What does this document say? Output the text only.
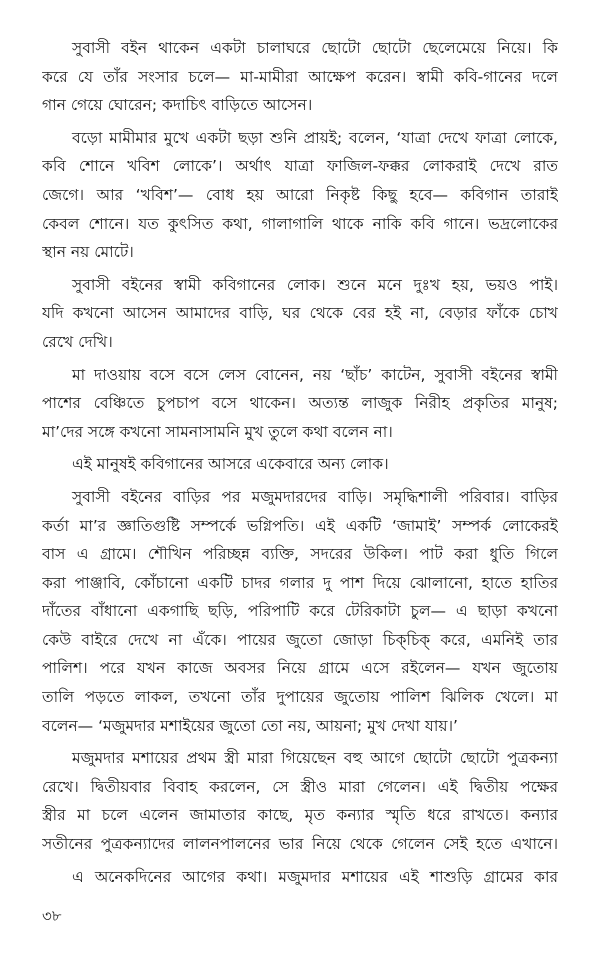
সুবাসী বইন থাকেন একটা চালাঘরে ছোটো ছোটো ছেলেমেয়ে নিয়ে। কি
করে যে তাঁর সংসার চলে— মা-মামীরা আক্ষেপ করেন। স্বামী কবি-গানের দলে
গান গেয়ে ঘোরেন; কদাচিৎ বাড়িতে আসেন।
বড়ো মামীমার মুখে একটা ছড়া শুনি প্রায়ই; বলেন, ‘যাত্রা দেখে ফাত্রা লোকে,
কবি শোনে খবিশ লোকে’। অর্থাৎ যাত্রা ফাজিল-ফক্কর লোকরাই দেখে রাত
জেগে। আর ‘খবিশ’— বোধ হয় আরো নিকৃষ্ট কিছু হবে— কবিগান তারাই
কেবল শোনে। যত কুৎসিত কথা, গালাগালি থাকে নাকি কবি গানে। ভদ্রলোকের
স্থান নয় মোটে।
সুবাসী বইনের স্বামী কবিগানের লোক। শুনে মনে দুঃখ হয়, ভয়ও পাই।
যদি কখনো আসেন আমাদের বাড়ি, ঘর থেকে বের হই না, বেড়ার ফাঁকে চোখ
রেখে দেখি।
মা দাওয়ায় বসে বসে লেস বোনেন, নয় ‘ছাঁচ’ কাটেন, সুবাসী বইনের স্বামী
পাশের বেঞ্চিতে চুপচাপ বসে থাকেন। অত্যন্ত লাজুক নিরীহ প্রকৃতির মানুষ;
মা’দের সঙ্গে কখনো সামনাসামনি মুখ তুলে কথা বলেন না।
এই মানুষই কবিগানের আসরে একেবারে অন্য লোক।
সুবাসী বইনের বাড়ির পর মজুমদারদের বাড়ি। সমৃদ্ধিশালী পরিবার। বাড়ির
কর্তা মা’র জ্ঞাতিগুষ্টি সম্পর্কে ভগ্নিপতি। এই একটি ‘জামাই’ সম্পর্ক লোকেরই
বাস এ গ্রামে। শৌখিন পরিচ্ছন্ন ব্যক্তি, সদরের উকিল। পাট করা ধুতি গিলে
করা পাঞ্জাবি, কোঁচানো একটি চাদর গলার দু পাশ দিয়ে ঝোলানো, হাতে হাতির
দাঁতের বাঁধানো একগাছি ছড়ি, পরিপাটি করে টেরিকাটা চুল— এ ছাড়া কখনো
কেউ বাইরে দেখে না এঁকে। পায়ের জুতো জোড়া চিক্‌চিক্ করে, এমনিই তার
পালিশ। পরে যখন কাজে অবসর নিয়ে গ্রামে এসে রইলেন— যখন জুতোয়
তালি পড়তে লাকল, তখনো তাঁর দুপায়ের জুতোয় পালিশ ঝিলিক খেলে। মা
বলেন— ‘মজুমদার মশাইয়ের জুতো তো নয়, আয়না; মুখ দেখা যায়।’
মজুমদার মশায়ের প্রথম স্ত্রী মারা গিয়েছেন বহু আগে ছোটো ছোটো পুত্রকন্যা
রেখে। দ্বিতীয়বার বিবাহ করলেন, সে স্ত্রীও মারা গেলেন। এই দ্বিতীয় পক্ষের
স্ত্রীর মা চলে এলেন জামাতার কাছে, মৃত কন্যার স্মৃতি ধরে রাখতে। কন্যার
সতীনের পুত্রকন্যাদের লালনপালনের ভার নিয়ে থেকে গেলেন সেই হতে এখানে।
এ অনেকদিনের আগের কথা। মজুমদার মশায়ের এই শাশুড়ি গ্রামের কার
৩৮
